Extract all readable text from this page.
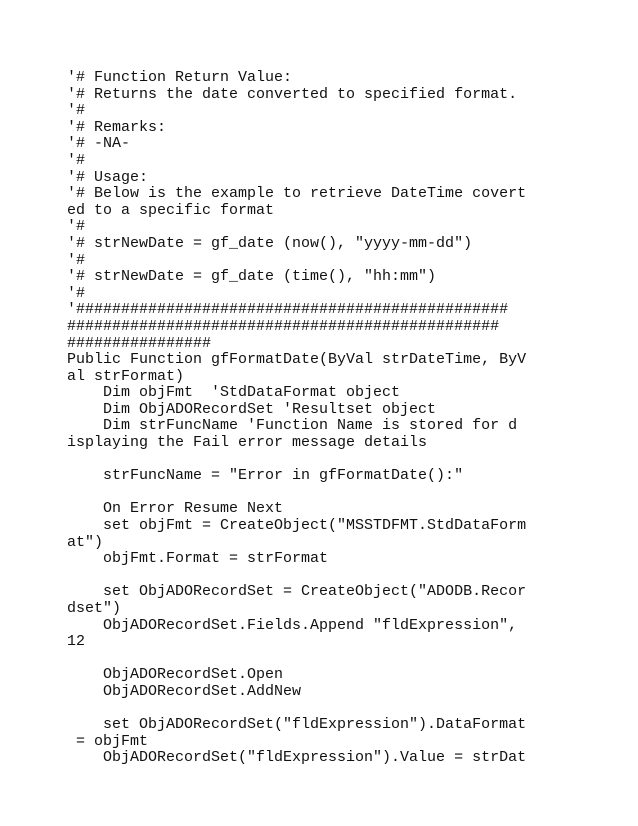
'# Function Return Value:
'# Returns the date converted to specified format.
'#
'# Remarks:
'# -NA-
'#
'# Usage:
'# Below is the example to retrieve DateTime covert
ed to a specific format
'#
'# strNewDate = gf_date (now(), "yyyy-mm-dd")
'#
'# strNewDate = gf_date (time(), "hh:mm")
'#
'################################################
################################################
################
Public Function gfFormatDate(ByVal strDateTime, ByV
al strFormat)
Dim objFmt  'StdDataFormat object
Dim ObjADORecordSet 'Resultset object
Dim strFuncName 'Function Name is stored for d
isplaying the Fail error message details
strFuncName = "Error in gfFormatDate():"
On Error Resume Next
set objFmt = CreateObject("MSSTDFMT.StdDataForm
at")
objFmt.Format = strFormat
set ObjADORecordSet = CreateObject("ADODB.Recor
dset")
ObjADORecordSet.Fields.Append "fldExpression",
12
ObjADORecordSet.Open
ObjADORecordSet.AddNew
set ObjADORecordSet("fldExpression").DataFormat
= objFmt
ObjADORecordSet("fldExpression").Value = strDat
